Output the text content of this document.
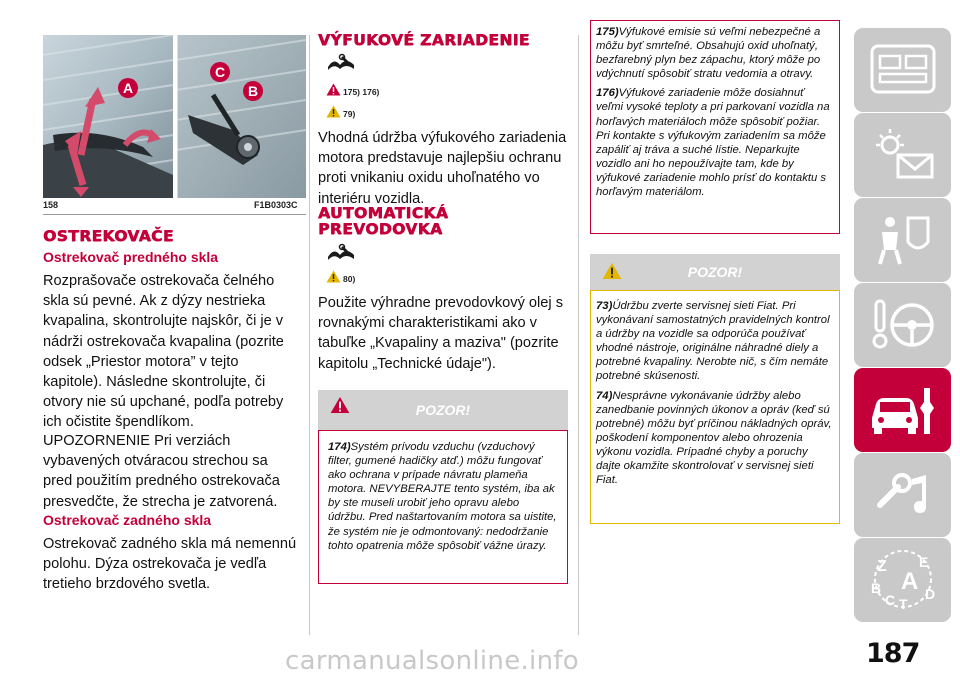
A	B
C
158	F1B0303C
OSTREKOVAČE
Ostrekovač predného skla
Rozprašovače ostrekovača čelného skla sú pevné. Ak z dýzy nestrieka kvapalina, skontrolujte najskôr, či je v nádrži ostrekovača kvapalina (pozrite odsek „Priestor motora” v tejto kapitole). Následne skontrolujte, či otvory nie sú upchané, podľa potreby ich očistite špendlíkom.
UPOZORNENIE Pri verziách vybavených otváracou strechou sa pred použitím predného ostrekovača presvedčte, že strecha je zatvorená.
Ostrekovač zadného skla
Ostrekovač zadného skla má nemennú polohu. Dýza ostrekovača je vedľa tretieho brzdového svetla.
VÝFUKOVÉ ZARIADENIE
175) 176)
79)
Vhodná údržba výfukového zariadenia motora predstavuje najlepšiu ochranu proti vnikaniu oxidu uhoľnatého vo interiéru vozidla.
AUTOMATICKÁ
PREVODOVKA
80)
Použite výhradne prevodovkový olej s rovnakými charakteristikami ako v tabuľke „Kvapaliny a maziva" (pozrite kapitolu „Technické údaje").
POZOR!
174)Systém prívodu vzduchu (vzduchový filter, gumené hadičky atď.) môžu fungovať ako ochrana v prípade návratu plameňa motora. NEVYBERAJTE tento systém, iba ak by ste museli urobiť jeho opravu alebo údržbu. Pred naštartovaním motora sa uistite, že systém nie je odmontovaný: nedodržanie tohto opatrenia môže spôsobiť vážne úrazy.
175)Výfukové emisie sú veľmi nebezpečné a môžu byť smrteľné. Obsahujú oxid uhoľnatý, bezfarebný plyn bez zápachu, ktorý môže po vdýchnutí spôsobiť stratu vedomia a otravy.
176)Výfukové zariadenie môže dosiahnuť veľmi vysoké teploty a pri parkovaní vozidla na horľavých materiáloch môže spôsobiť požiar. Pri kontakte s výfukovým zariadením sa môže zapáliť aj tráva a suché lístie. Neparkujte vozidlo ani ho nepoužívajte tam, kde by výfukové zariadenie mohlo prísť do kontaktu s horľavým materiálom.
POZOR!
73)Údržbu zverte servisnej sieti Fiat. Pri vykonávaní samostatných pravidelných kontrol a údržby na vozidle sa odporúča používať vhodné nástroje, originálne náhradné diely a potrebné kvapaliny. Nerobte nič, s čím nemáte potrebné skúsenosti.
74)Nesprávne vykonávanie údržby alebo zanedbanie povinných úkonov a opráv (keď sú potrebné) môžu byť príčinou nákladných opráv, poškodení komponentov alebo ohrozenia výkonu vozidla. Prípadné chyby a poruchy dajte okamžite skontrolovať v servisnej sieti Fiat.
Z E
B A
C T
D
187
carmanualsonline.info
